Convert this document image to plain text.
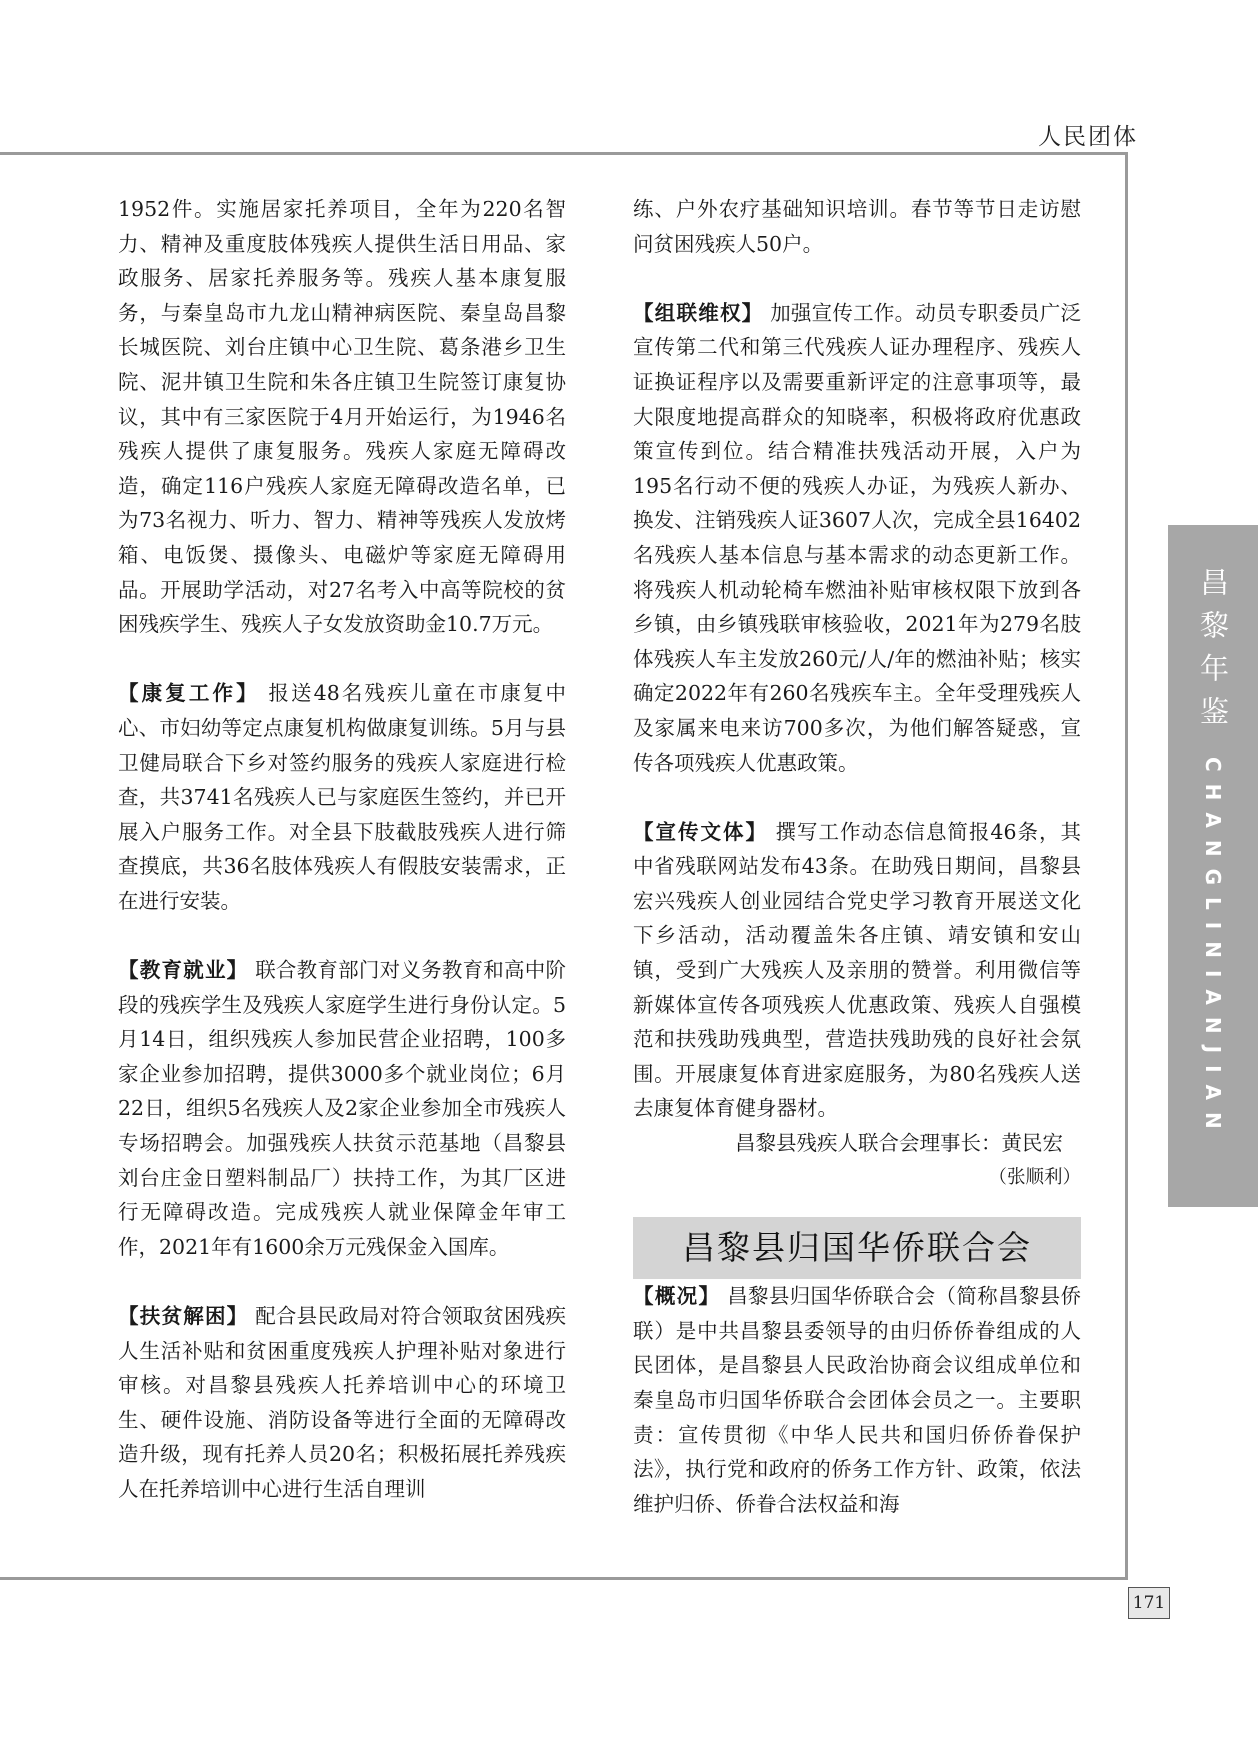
人民团体

1952件。实施居家托养项目，全年为220名智力、精神及重度肢体残疾人提供生活日用品、家政服务、居家托养服务等。残疾人基本康复服务，与秦皇岛市九龙山精神病医院、秦皇岛昌黎长城医院、刘台庄镇中心卫生院、葛条港乡卫生院、泥井镇卫生院和朱各庄镇卫生院签订康复协议，其中有三家医院于4月开始运行，为1946名残疾人提供了康复服务。残疾人家庭无障碍改造，确定116户残疾人家庭无障碍改造名单，已为73名视力、听力、智力、精神等残疾人发放烤箱、电饭煲、摄像头、电磁炉等家庭无障碍用品。开展助学活动，对27名考入中高等院校的贫困残疾学生、残疾人子女发放资助金10.7万元。

【康复工作】 报送48名残疾儿童在市康复中心、市妇幼等定点康复机构做康复训练。5月与县卫健局联合下乡对签约服务的残疾人家庭进行检查，共3741名残疾人已与家庭医生签约，并已开展入户服务工作。对全县下肢截肢残疾人进行筛查摸底，共36名肢体残疾人有假肢安装需求，正在进行安装。

【教育就业】 联合教育部门对义务教育和高中阶段的残疾学生及残疾人家庭学生进行身份认定。5月14日，组织残疾人参加民营企业招聘，100多家企业参加招聘，提供3000多个就业岗位；6月22日，组织5名残疾人及2家企业参加全市残疾人专场招聘会。加强残疾人扶贫示范基地（昌黎县刘台庄金日塑料制品厂）扶持工作，为其厂区进行无障碍改造。完成残疾人就业保障金年审工作，2021年有1600余万元残保金入国库。

【扶贫解困】 配合县民政局对符合领取贫困残疾人生活补贴和贫困重度残疾人护理补贴对象进行审核。对昌黎县残疾人托养培训中心的环境卫生、硬件设施、消防设备等进行全面的无障碍改造升级，现有托养人员20名；积极拓展托养残疾人在托养培训中心进行生活自理训

练、户外农疗基础知识培训。春节等节日走访慰问贫困残疾人50户。

【组联维权】 加强宣传工作。动员专职委员广泛宣传第二代和第三代残疾人证办理程序、残疾人证换证程序以及需要重新评定的注意事项等，最大限度地提高群众的知晓率，积极将政府优惠政策宣传到位。结合精准扶残活动开展，入户为195名行动不便的残疾人办证，为残疾人新办、换发、注销残疾人证3607人次，完成全县16402名残疾人基本信息与基本需求的动态更新工作。将残疾人机动轮椅车燃油补贴审核权限下放到各乡镇，由乡镇残联审核验收，2021年为279名肢体残疾人车主发放260元/人/年的燃油补贴；核实确定2022年有260名残疾车主。全年受理残疾人及家属来电来访700多次，为他们解答疑惑，宣传各项残疾人优惠政策。

【宣传文体】 撰写工作动态信息简报46条，其中省残联网站发布43条。在助残日期间，昌黎县宏兴残疾人创业园结合党史学习教育开展送文化下乡活动，活动覆盖朱各庄镇、靖安镇和安山镇，受到广大残疾人及亲朋的赞誉。利用微信等新媒体宣传各项残疾人优惠政策、残疾人自强模范和扶残助残典型，营造扶残助残的良好社会氛围。开展康复体育进家庭服务，为80名残疾人送去康复体育健身器材。

昌黎县残疾人联合会理事长：黄民宏

（张顺利）

昌黎县归国华侨联合会

【概况】 昌黎县归国华侨联合会（简称昌黎县侨联）是中共昌黎县委领导的由归侨侨眷组成的人民团体，是昌黎县人民政治协商会议组成单位和秦皇岛市归国华侨联合会团体会员之一。主要职责：宣传贯彻《中华人民共和国归侨侨眷保护法》，执行党和政府的侨务工作方针、政策，依法维护归侨、侨眷合法权益和海

昌黎年鉴
CHANGLINIANJIAN
171
